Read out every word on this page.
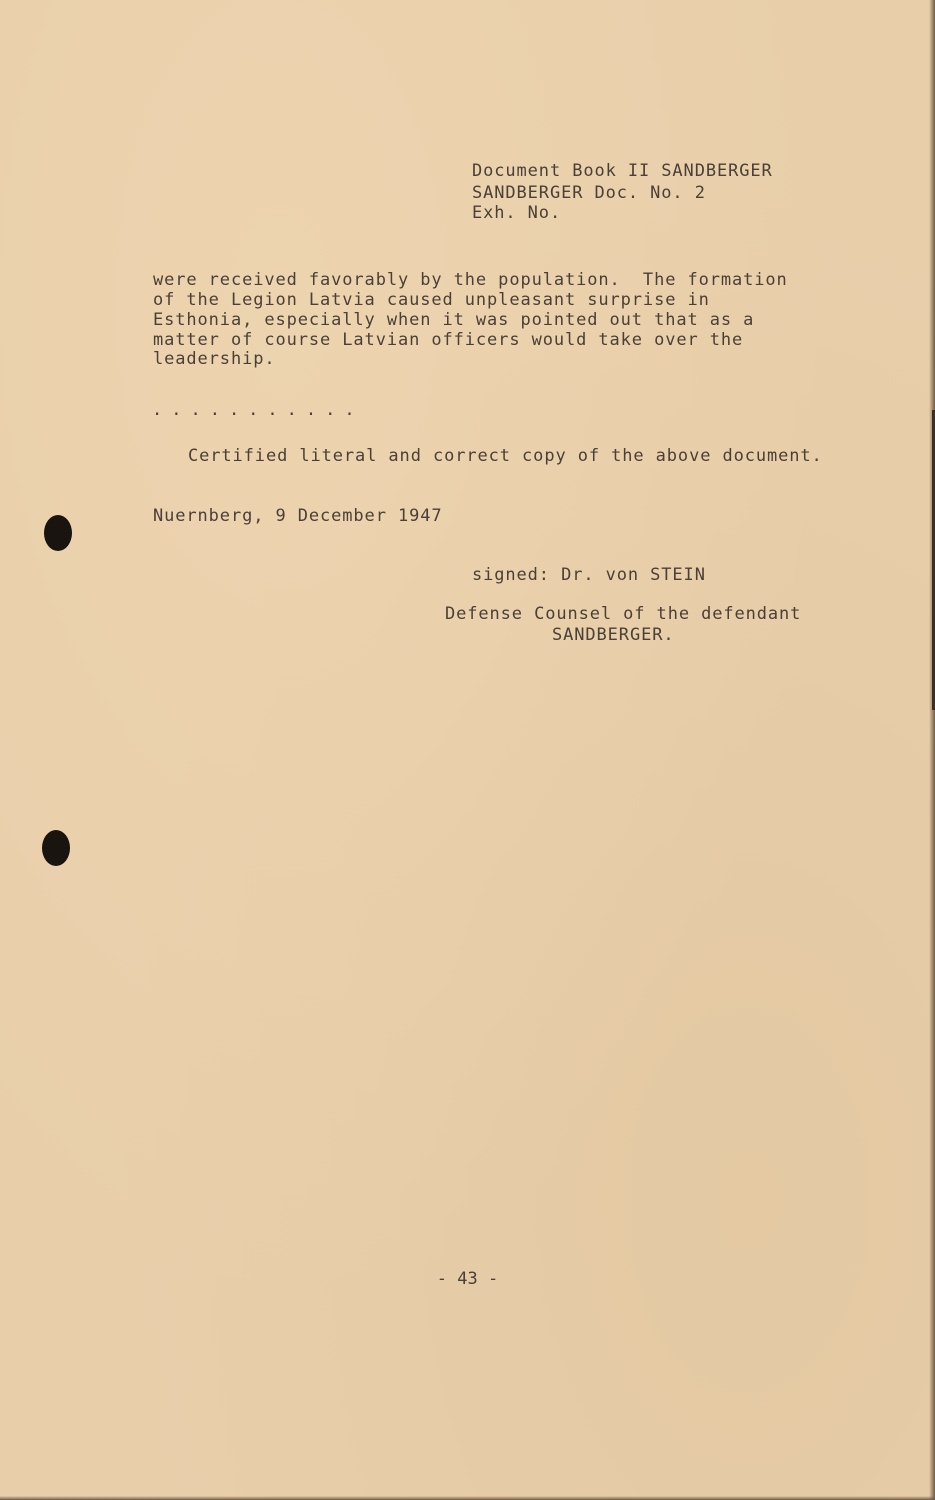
Document Book II SANDBERGER
SANDBERGER Doc. No. 2
Exh. No.
were received favorably by the population.  The formation
of the Legion Latvia caused unpleasant surprise in
Esthonia, especially when it was pointed out that as a
matter of course Latvian officers would take over the
leadership.
...........
Certified literal and correct copy of the above document.
Nuernberg, 9 December 1947
signed: Dr. von STEIN
Defense Counsel of the defendant
SANDBERGER.
- 43 -
